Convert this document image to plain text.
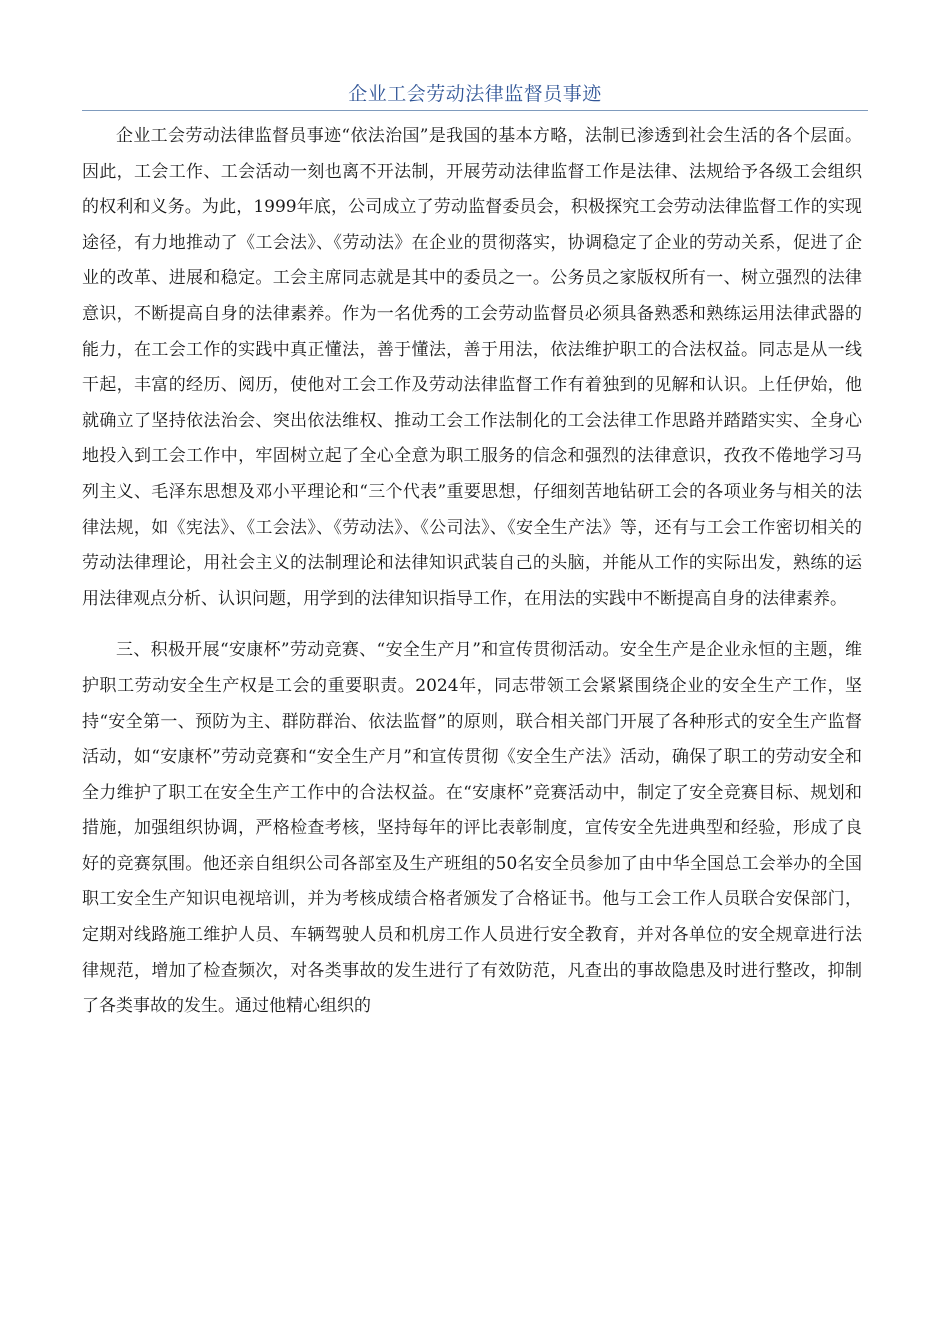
企业工会劳动法律监督员事迹

企业工会劳动法律监督员事迹“依法治国”是我国的基本方略，法制已渗透到社会生活的各个层面。因此，工会工作、工会活动一刻也离不开法制，开展劳动法律监督工作是法律、法规给予各级工会组织的权利和义务。为此，1999年底，公司成立了劳动监督委员会，积极探究工会劳动法律监督工作的实现途径，有力地推动了《工会法》、《劳动法》在企业的贯彻落实，协调稳定了企业的劳动关系，促进了企业的改革、进展和稳定。工会主席同志就是其中的委员之一。公务员之家版权所有一、树立强烈的法律意识，不断提高自身的法律素养。作为一名优秀的工会劳动监督员必须具备熟悉和熟练运用法律武器的能力，在工会工作的实践中真正懂法，善于懂法，善于用法，依法维护职工的合法权益。同志是从一线干起，丰富的经历、阅历，使他对工会工作及劳动法律监督工作有着独到的见解和认识。上任伊始，他就确立了坚持依法治会、突出依法维权、推动工会工作法制化的工会法律工作思路并踏踏实实、全身心地投入到工会工作中，牢固树立起了全心全意为职工服务的信念和强烈的法律意识，孜孜不倦地学习马列主义、毛泽东思想及邓小平理论和“三个代表”重要思想，仔细刻苦地钻研工会的各项业务与相关的法律法规，如《宪法》、《工会法》、《劳动法》、《公司法》、《安全生产法》等，还有与工会工作密切相关的劳动法律理论，用社会主义的法制理论和法律知识武装自己的头脑，并能从工作的实际出发，熟练的运用法律观点分析、认识问题，用学到的法律知识指导工作，在用法的实践中不断提高自身的法律素养。

三、积极开展“安康杯”劳动竞赛、“安全生产月”和宣传贯彻活动。安全生产是企业永恒的主题，维护职工劳动安全生产权是工会的重要职责。2024年，同志带领工会紧紧围绕企业的安全生产工作，坚持“安全第一、预防为主、群防群治、依法监督”的原则，联合相关部门开展了各种形式的安全生产监督活动，如“安康杯”劳动竞赛和“安全生产月”和宣传贯彻《安全生产法》活动，确保了职工的劳动安全和全力维护了职工在安全生产工作中的合法权益。在“安康杯”竞赛活动中，制定了安全竞赛目标、规划和措施，加强组织协调，严格检查考核，坚持每年的评比表彰制度，宣传安全先进典型和经验，形成了良好的竞赛氛围。他还亲自组织公司各部室及生产班组的50名安全员参加了由中华全国总工会举办的全国职工安全生产知识电视培训，并为考核成绩合格者颁发了合格证书。他与工会工作人员联合安保部门，定期对线路施工维护人员、车辆驾驶人员和机房工作人员进行安全教育，并对各单位的安全规章进行法律规范，增加了检查频次，对各类事故的发生进行了有效防范，凡查出的事故隐患及时进行整改，抑制了各类事故的发生。通过他精心组织的
